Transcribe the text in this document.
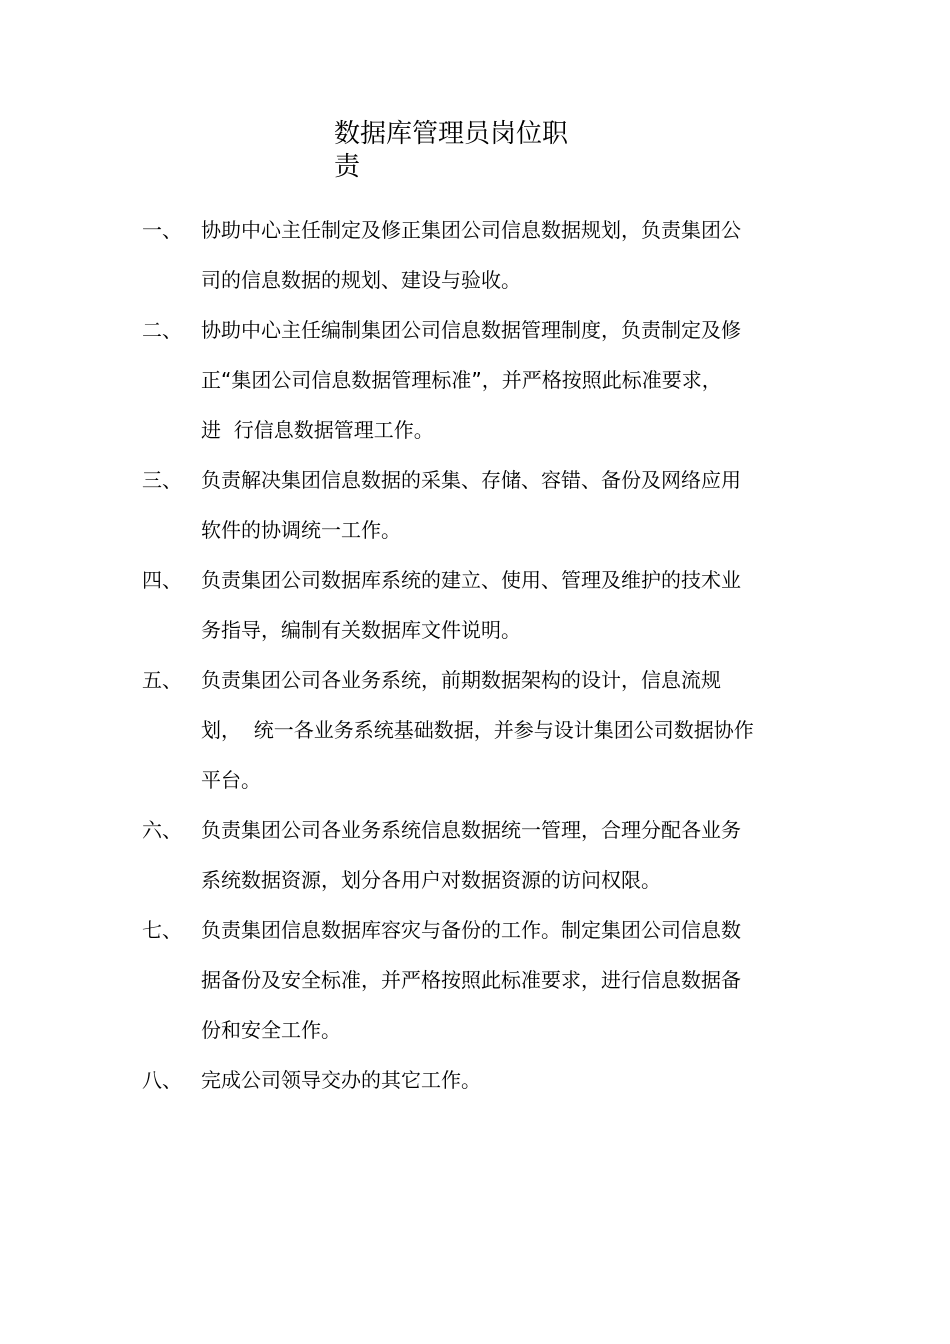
数据库管理员岗位职
责
一、 协助中心主任制定及修正集团公司信息数据规划，负责集团公
司的信息数据的规划、建设与验收。
二、 协助中心主任编制集团公司信息数据管理制度，负责制定及修
正“集团公司信息数据管理标准”，并严格按照此标准要求，
进  行信息数据管理工作。
三、 负责解决集团信息数据的采集、存储、容错、备份及网络应用
软件的协调统一工作。
四、 负责集团公司数据库系统的建立、使用、管理及维护的技术业
务指导，编制有关数据库文件说明。
五、 负责集团公司各业务系统，前期数据架构的设计，信息流规
划，  统一各业务系统基础数据，并参与设计集团公司数据协作
平台。
六、 负责集团公司各业务系统信息数据统一管理，合理分配各业务
系统数据资源，划分各用户对数据资源的访问权限。
七、 负责集团信息数据库容灾与备份的工作。制定集团公司信息数
据备份及安全标准，并严格按照此标准要求，进行信息数据备
份和安全工作。
八、 完成公司领导交办的其它工作。
